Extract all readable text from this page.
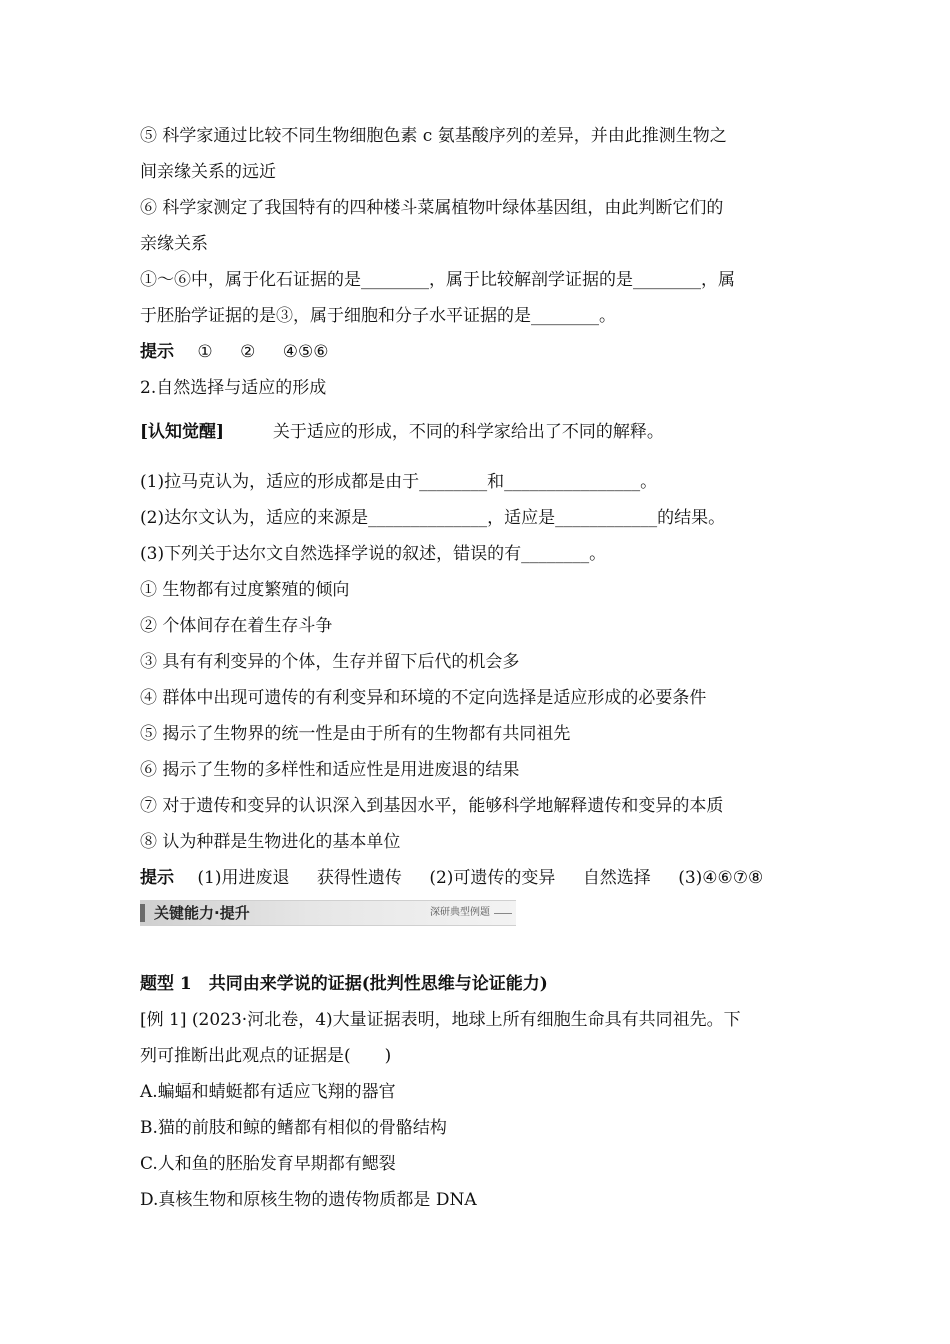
⑤ 科学家通过比较不同生物细胞色素 c 氨基酸序列的差异，并由此推测生物之
间亲缘关系的远近
⑥ 科学家测定了我国特有的四种楼斗菜属植物叶绿体基因组，由此判断它们的
亲缘关系
①～⑥中，属于化石证据的是________，属于比较解剖学证据的是________，属
于胚胎学证据的是③，属于细胞和分子水平证据的是________。
提示 ① ② ④⑤⑥
2.自然选择与适应的形成
[认知觉醒]	关于适应的形成，不同的科学家给出了不同的解释。
(1)拉马克认为，适应的形成都是由于________和________________。
(2)达尔文认为，适应的来源是______________，适应是____________的结果。
(3)下列关于达尔文自然选择学说的叙述，错误的有________。
① 生物都有过度繁殖的倾向
② 个体间存在着生存斗争
③ 具有有利变异的个体，生存并留下后代的机会多
④ 群体中出现可遗传的有利变异和环境的不定向选择是适应形成的必要条件
⑤ 揭示了生物界的统一性是由于所有的生物都有共同祖先
⑥ 揭示了生物的多样性和适应性是用进废退的结果
⑦ 对于遗传和变异的认识深入到基因水平，能够科学地解释遗传和变异的本质
⑧ 认为种群是生物进化的基本单位
提示 (1)用进废退 获得性遗传 (2)可遗传的变异 自然选择 (3)④⑥⑦⑧
关键能力·提升	深研典型例题
题型 1　共同由来学说的证据(批判性思维与论证能力)
[例 1] (2023·河北卷，4)大量证据表明，地球上所有细胞生命具有共同祖先。下
列可推断出此观点的证据是(　　)
A.蝙蝠和蜻蜓都有适应飞翔的器官
B.猫的前肢和鲸的鳍都有相似的骨骼结构
C.人和鱼的胚胎发育早期都有鳃裂
D.真核生物和原核生物的遗传物质都是 DNA
